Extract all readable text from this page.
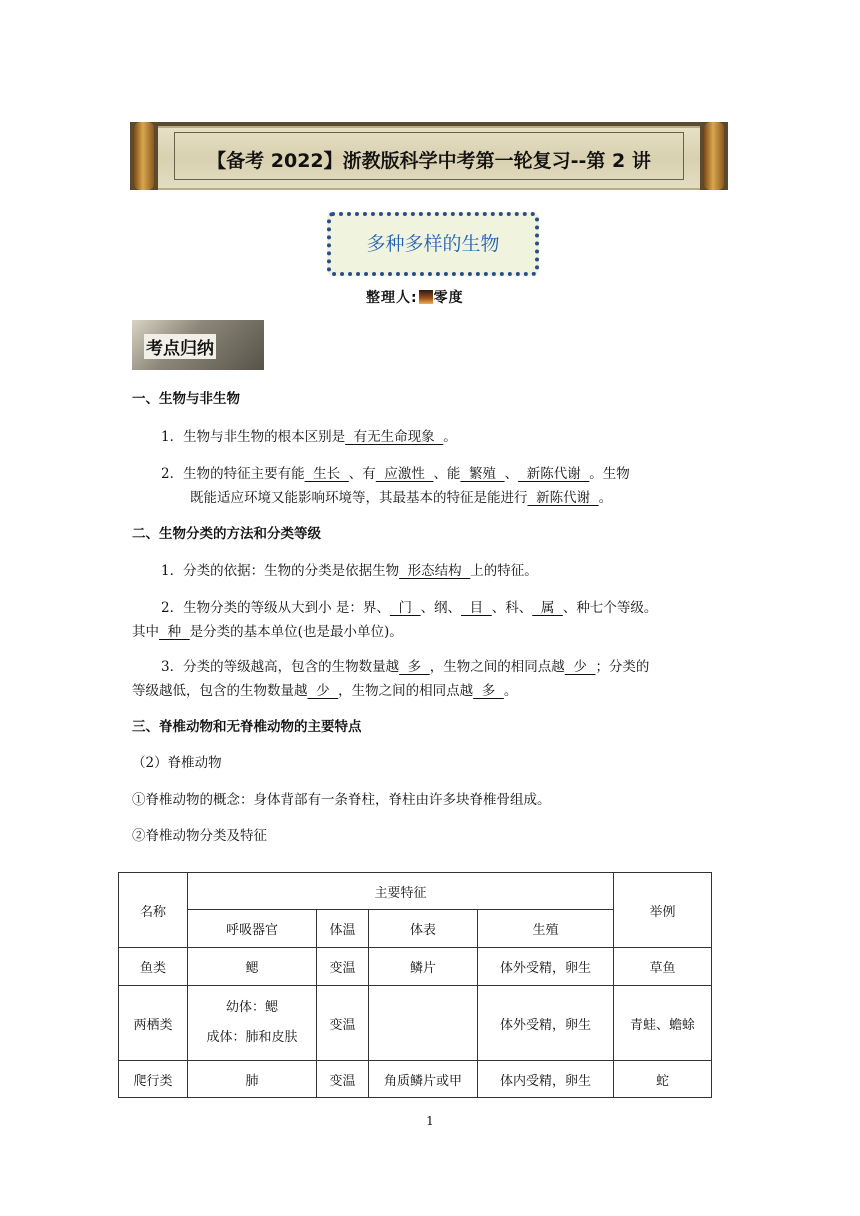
【备考 2022】浙教版科学中考第一轮复习--第 2 讲
多种多样的生物
整理人: 零度
考点归纳
一、生物与非生物
1．生物与非生物的根本区别是  有无生命现象  。
2．生物的特征主要有能  生长  、有  应激性  、能  繁殖  、  新陈代谢  。生物
既能适应环境又能影响环境等，其最基本的特征是能进行  新陈代谢  。
二、生物分类的方法和分类等级
1．分类的依据：生物的分类是依据生物  形态结构  上的特征。
2．生物分类的等级从大到小 是：界、  门  、纲、  目  、科、  属  、种七个等级。
其中  种  是分类的基本单位(也是最小单位)。
3．分类的等级越高，包含的生物数量越  多  ，生物之间的相同点越  少  ；分类的
等级越低，包含的生物数量越  少  ，生物之间的相同点越  多  。
三、脊椎动物和无脊椎动物的主要特点
（2）脊椎动物
①脊椎动物的概念：身体背部有一条脊柱，脊柱由许多块脊椎骨组成。
②脊椎动物分类及特征
名称	主要特征				举例
	呼吸器官	体温	体表	生殖	
鱼类	鳃	变温	鳞片	体外受精，卵生	草鱼
两栖类	幼体：鳃
成体：肺和皮肤	变温		体外受精，卵生	青蛙、蟾蜍
爬行类	肺	变温	角质鳞片或甲	体内受精，卵生	蛇
1
